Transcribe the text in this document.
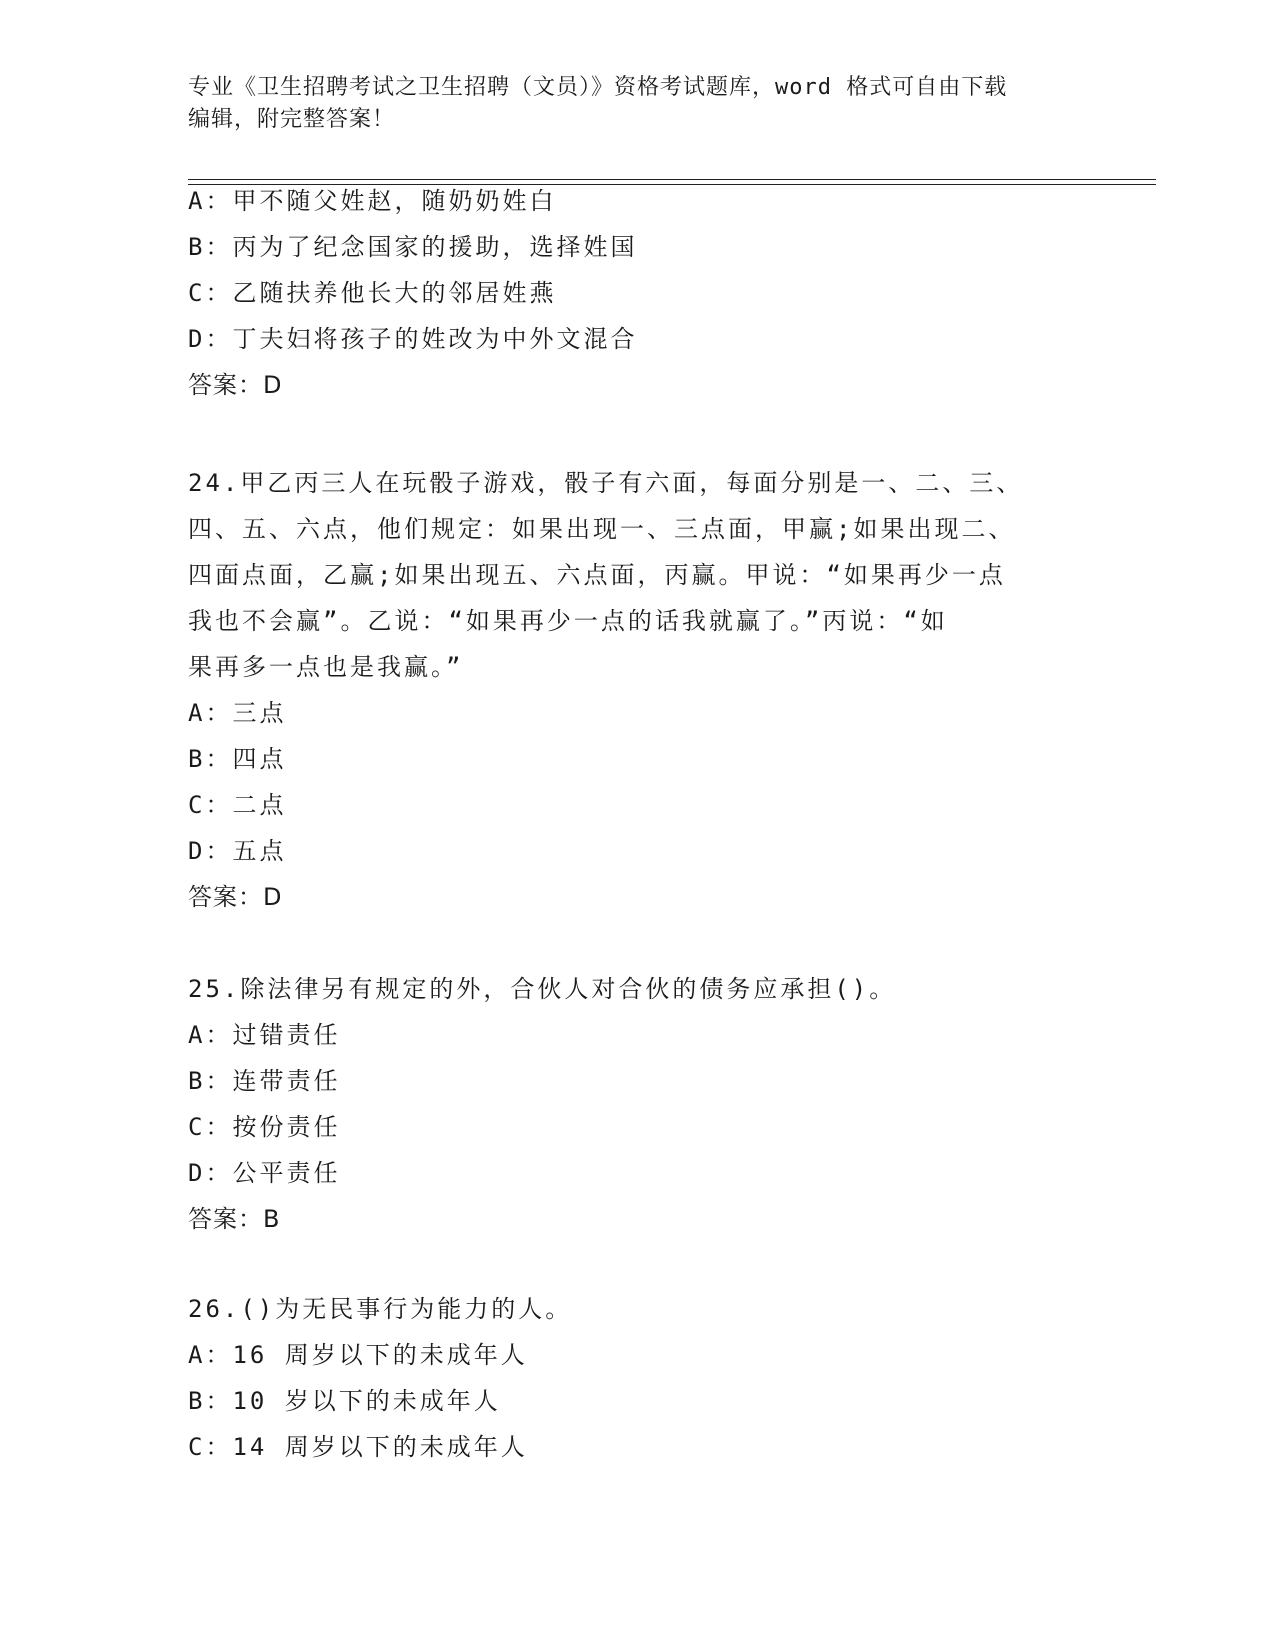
专业《卫生招聘考试之卫生招聘（文员）》资格考试题库，word 格式可自由下载
编辑，附完整答案！
A：甲不随父姓赵，随奶奶姓白
B：丙为了纪念国家的援助，选择姓国
C：乙随扶养他长大的邻居姓燕
D：丁夫妇将孩子的姓改为中外文混合
答案：D
24.甲乙丙三人在玩骰子游戏，骰子有六面，每面分别是一、二、三、
四、五、六点，他们规定：如果出现一、三点面，甲赢;如果出现二、
四面点面，乙赢;如果出现五、六点面，丙赢。甲说：“如果再少一点
我也不会赢”。乙说：“如果再少一点的话我就赢了。”丙说：“如
果再多一点也是我赢。”
A：三点
B：四点
C：二点
D：五点
答案：D
25.除法律另有规定的外，合伙人对合伙的债务应承担()。
A：过错责任
B：连带责任
C：按份责任
D：公平责任
答案：B
26.()为无民事行为能力的人。
A：16 周岁以下的未成年人
B：10 岁以下的未成年人
C：14 周岁以下的未成年人
